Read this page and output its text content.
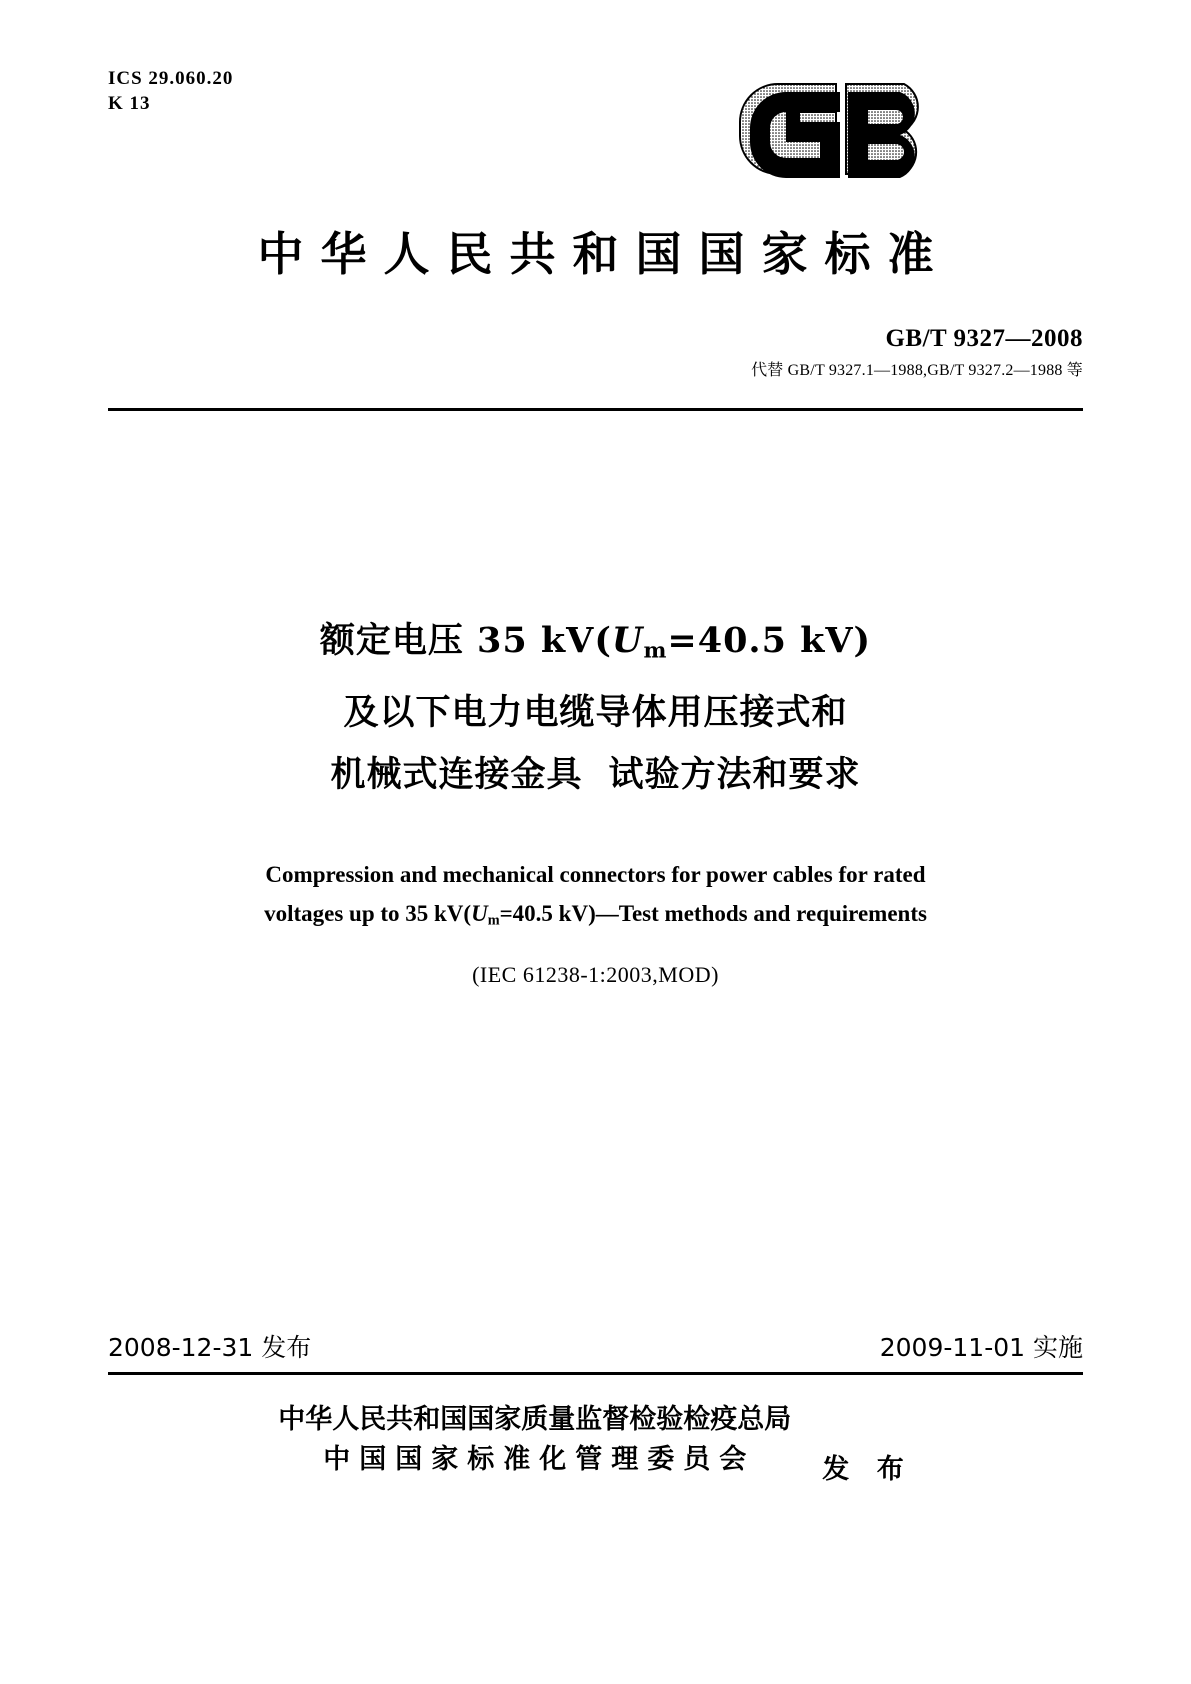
ICS 29.060.20
K 13
中华人民共和国国家标准
GB/T 9327—2008
代替 GB/T 9327.1—1988,GB/T 9327.2—1988 等
额定电压 35 $kV(U_m=40.5$ kV)
及以下电力电缆导体用压接式和
机械式连接金具 试验方法和要求
Compression and mechanical connectors for power cables for rated
voltages up to 35 $kV(U_m=40.5$ kV)—Test methods and requirements
(IEC 61238-1:2003,MOD)
2008-12-31 发布	2009-11-01 实施
中华人民共和国国家质量监督检验检疫总局
中国国家标准化管理委员会	发 布
